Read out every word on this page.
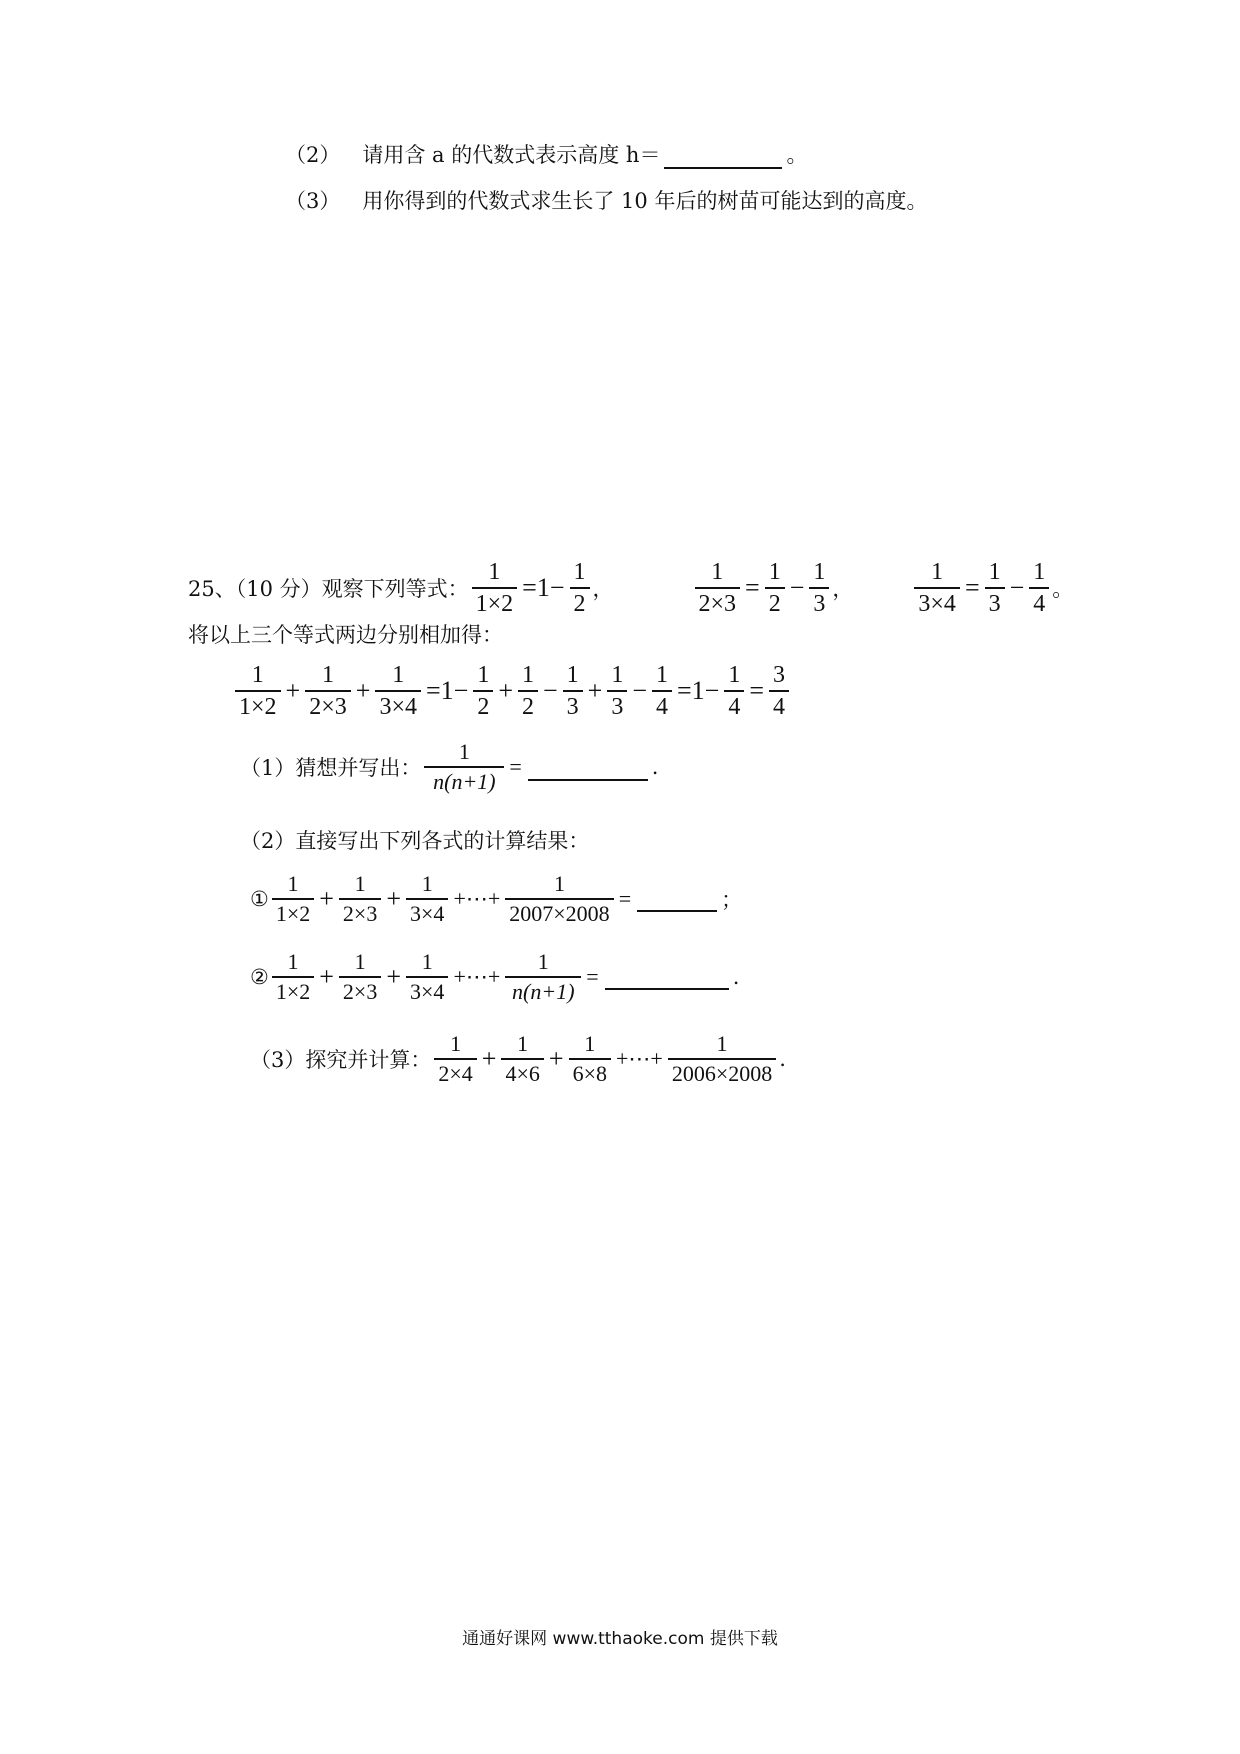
（2） 请用含 a 的代数式表示高度 h＝	。
（3） 用你得到的代数式求生长了 10 年后的树苗可能达到的高度。
25、（10 分）观察下列等式： $\frac{1}{1\times 2} =1- \frac{1}{2}$ ，	$\frac{1}{2\times 3} = \frac{1}{2} - \frac{1}{3}$ ，	$\frac{1}{3\times 4} = \frac{1}{3} - \frac{1}{4}$ 。
将以上三个等式两边分别相加得：
$\frac{1}{1\times 2} + \frac{1}{2\times 3} + \frac{1}{3\times 4} =1- \frac{1}{2} + \frac{1}{2} - \frac{1}{3} + \frac{1}{3} - \frac{1}{4} =1- \frac{1}{4} = \frac{3}{4}$
（1）猜想并写出： $\frac{1}{n(n+1)}$ =	.
（2）直接写出下列各式的计算结果：
① $\frac{1}{1\times 2} + \frac{1}{2\times 3} + \frac{1}{3\times 4}$ +⋯+ $\frac{1}{2007\times 2008}$ =	；
② $\frac{1}{1\times 2} + \frac{1}{2\times 3} + \frac{1}{3\times 4}$ +⋯+ $\frac{1}{n(n+1)}$ =	.
（3）探究并计算： $\frac{1}{2\times 4} + \frac{1}{4\times 6} + \frac{1}{6\times 8}$ +⋯+ $\frac{1}{2006\times 2008}$ .
通通好课网 www.tthaoke.com 提供下载
